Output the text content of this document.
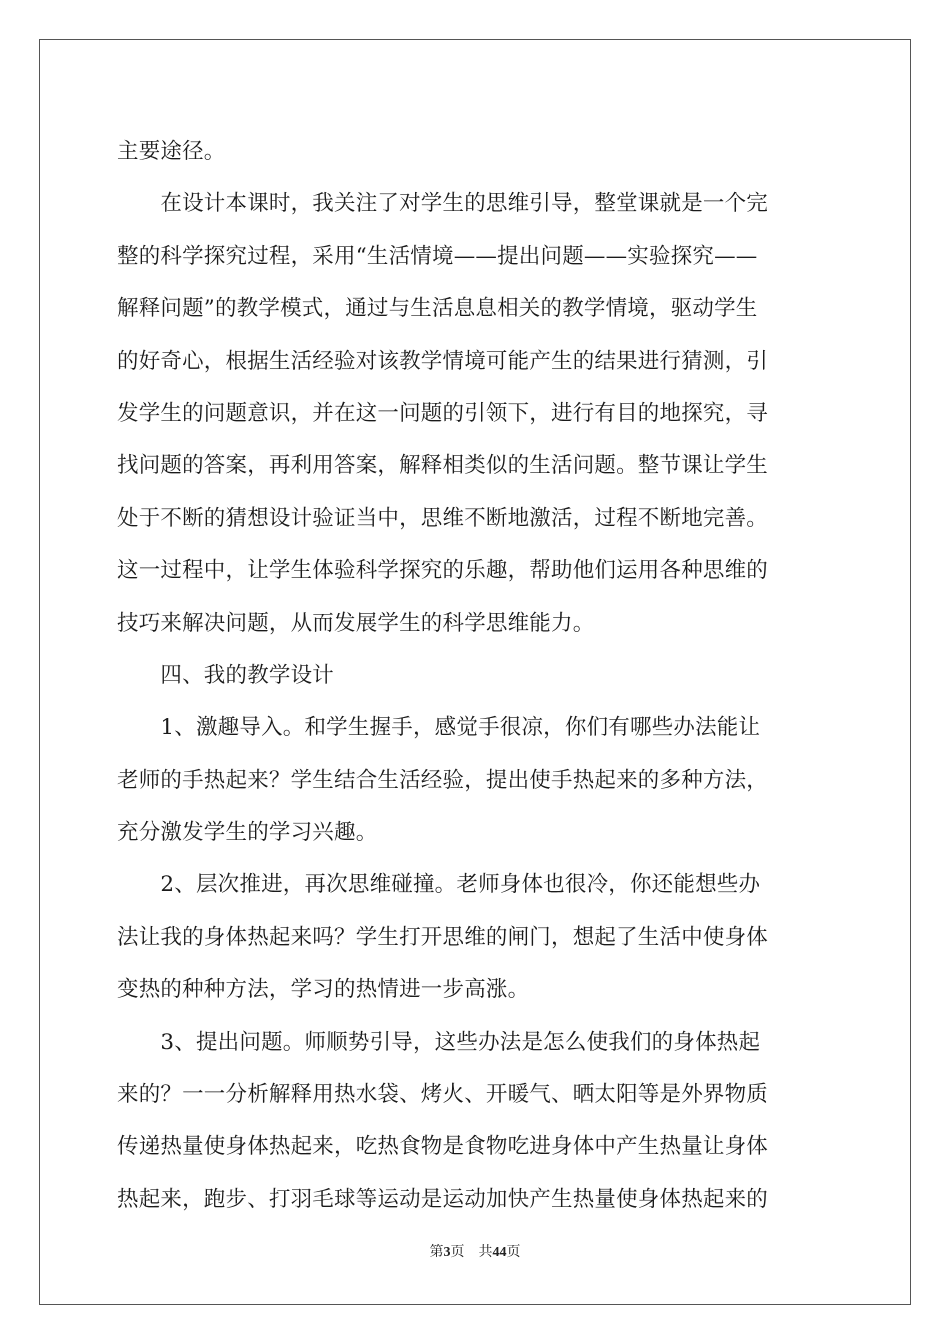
主要途径。
　　在设计本课时，我关注了对学生的思维引导，整堂课就是一个完
整的科学探究过程，采用“生活情境——提出问题——实验探究——
解释问题”的教学模式，通过与生活息息相关的教学情境，驱动学生
的好奇心，根据生活经验对该教学情境可能产生的结果进行猜测，引
发学生的问题意识，并在这一问题的引领下，进行有目的地探究，寻
找问题的答案，再利用答案，解释相类似的生活问题。整节课让学生
处于不断的猜想设计验证当中，思维不断地激活，过程不断地完善。
这一过程中，让学生体验科学探究的乐趣，帮助他们运用各种思维的
技巧来解决问题，从而发展学生的科学思维能力。
　　四、我的教学设计
　　1、激趣导入。和学生握手，感觉手很凉，你们有哪些办法能让
老师的手热起来？学生结合生活经验，提出使手热起来的多种方法，
充分激发学生的学习兴趣。
　　2、层次推进，再次思维碰撞。老师身体也很冷，你还能想些办
法让我的身体热起来吗？学生打开思维的闸门，想起了生活中使身体
变热的种种方法，学习的热情进一步高涨。
　　3、提出问题。师顺势引导，这些办法是怎么使我们的身体热起
来的？一一分析解释用热水袋、烤火、开暖气、晒太阳等是外界物质
传递热量使身体热起来，吃热食物是食物吃进身体中产生热量让身体
热起来，跑步、打羽毛球等运动是运动加快产生热量使身体热起来的
第3页 共44页
